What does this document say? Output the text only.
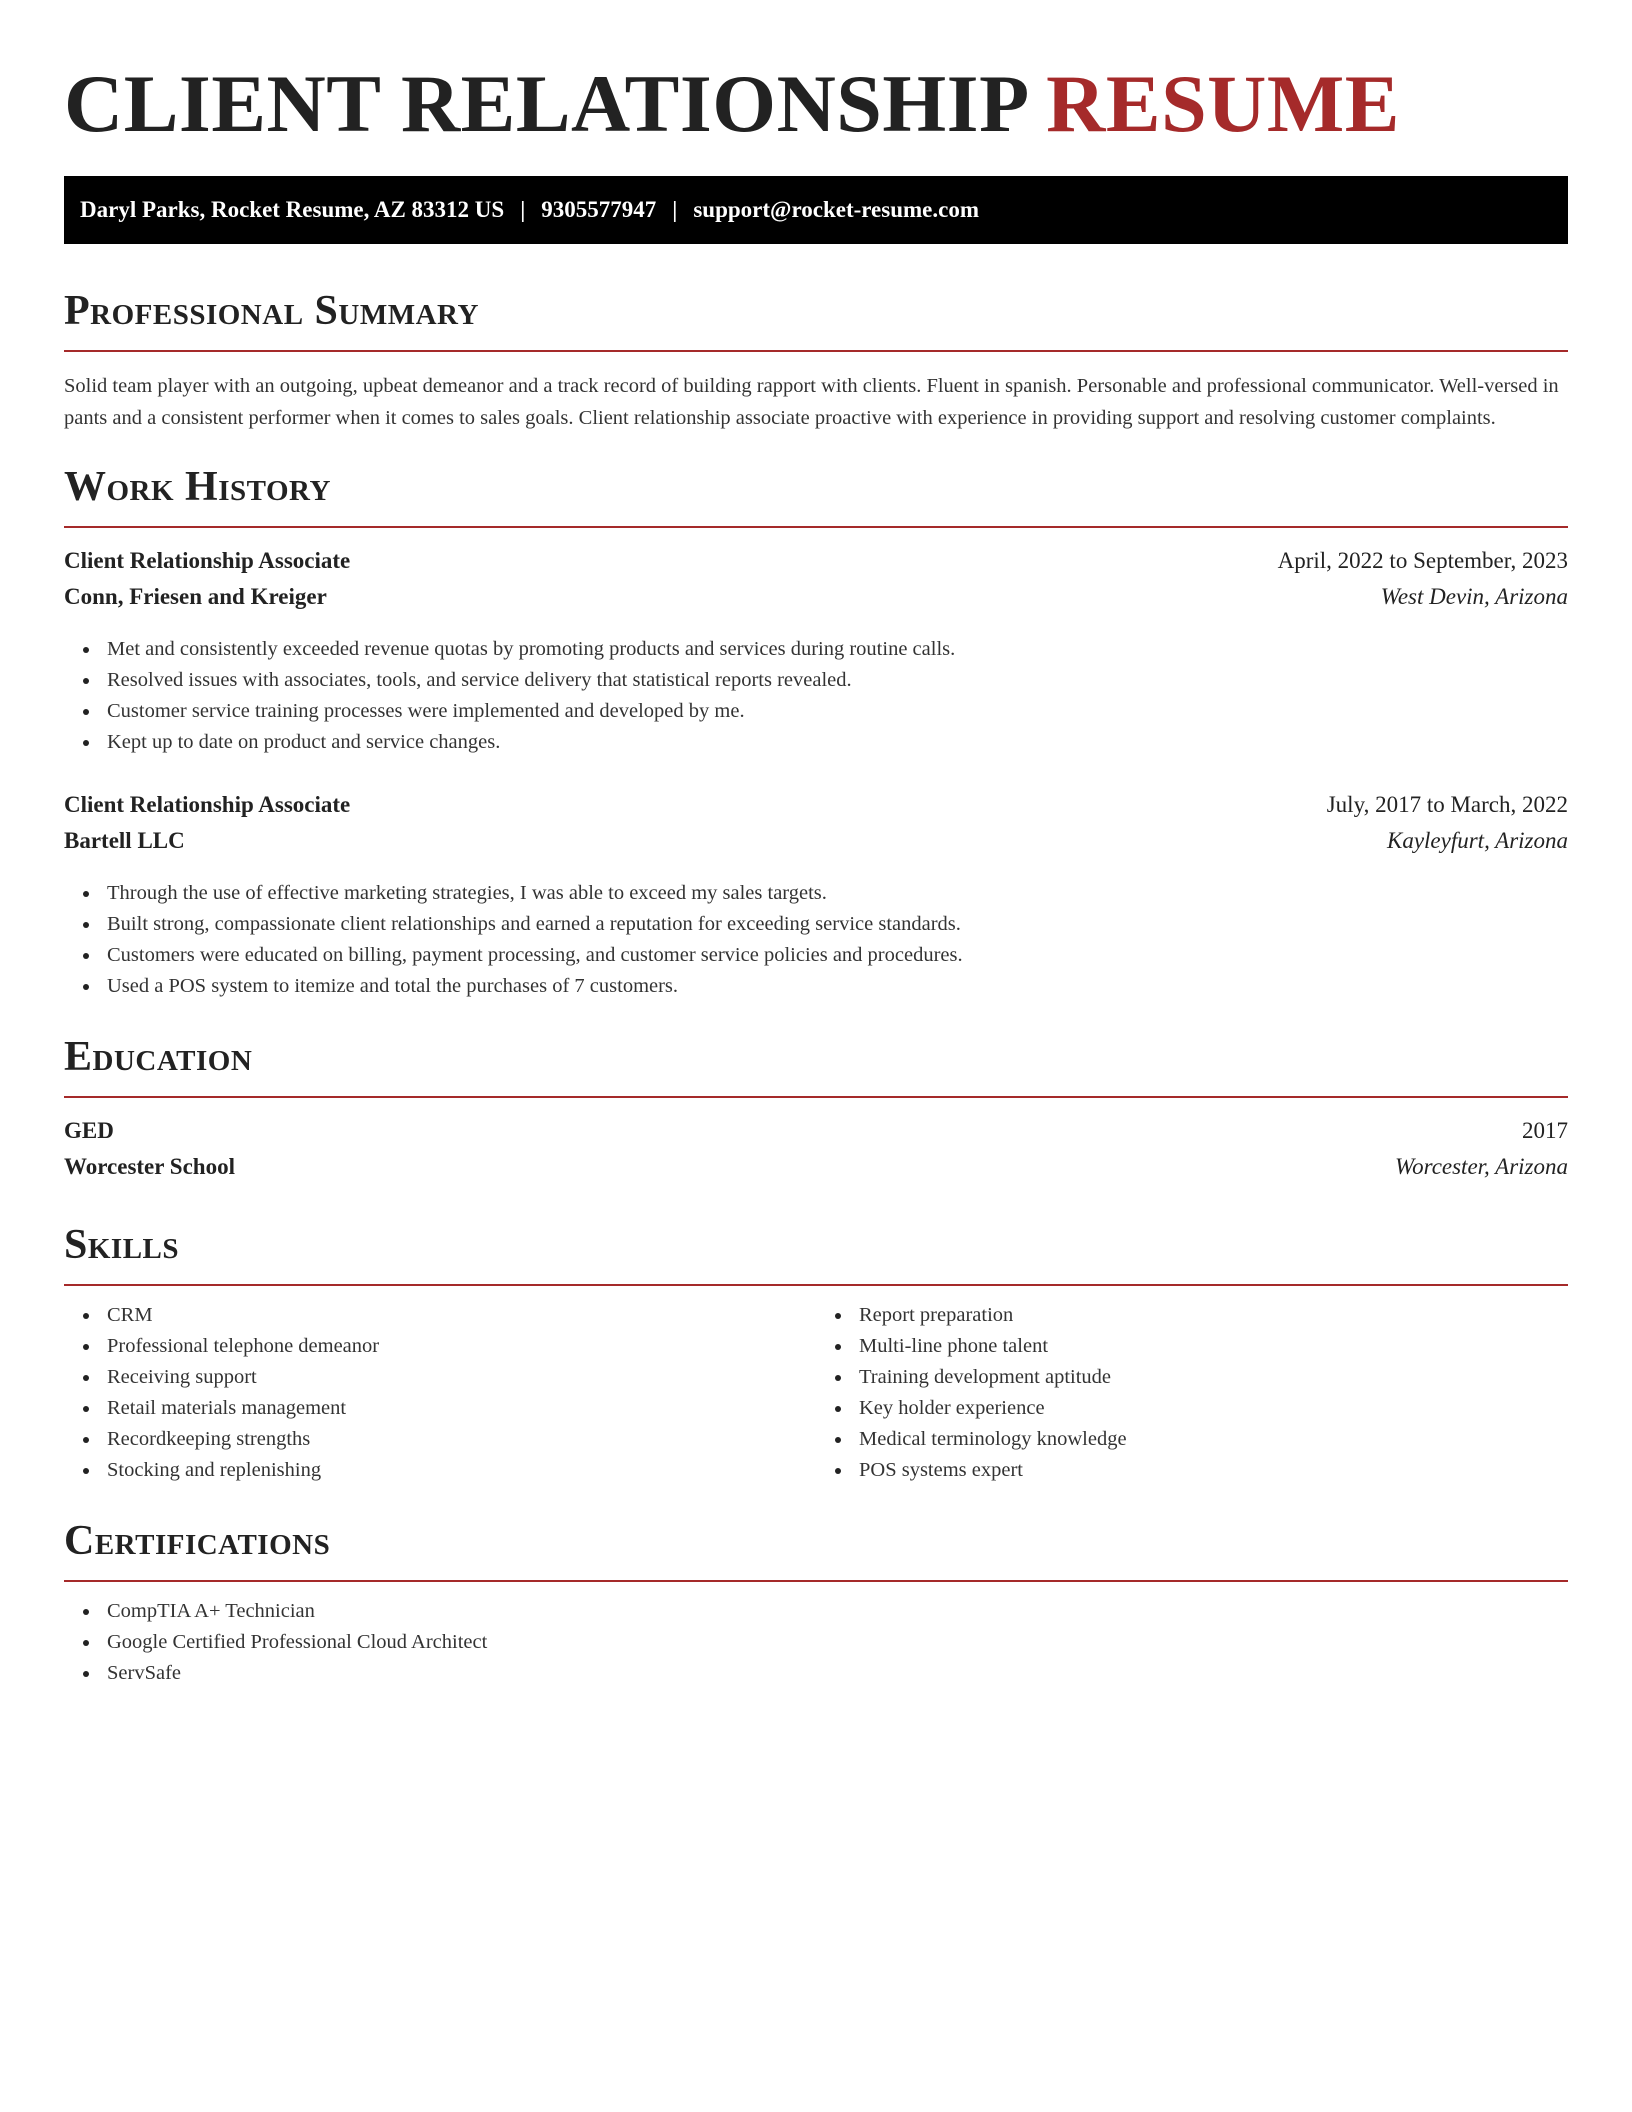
CLIENT RELATIONSHIP RESUME
Daryl Parks, Rocket Resume, AZ 83312 US | 9305577947 | support@rocket-resume.com
Professional Summary

Solid team player with an outgoing, upbeat demeanor and a track record of building rapport with clients. Fluent in spanish. Personable and professional communicator. Well-versed in pants and a consistent performer when it comes to sales goals. Client relationship associate proactive with experience in providing support and resolving customer complaints.

Work History
Client Relationship Associate	April, 2022 to September, 2023
Conn, Friesen and Kreiger	West Devin, Arizona
Met and consistently exceeded revenue quotas by promoting products and services during routine calls.
Resolved issues with associates, tools, and service delivery that statistical reports revealed.
Customer service training processes were implemented and developed by me.
Kept up to date on product and service changes.
Client Relationship Associate	July, 2017 to March, 2022
Bartell LLC	Kayleyfurt, Arizona
Through the use of effective marketing strategies, I was able to exceed my sales targets.
Built strong, compassionate client relationships and earned a reputation for exceeding service standards.
Customers were educated on billing, payment processing, and customer service policies and procedures.
Used a POS system to itemize and total the purchases of 7 customers.
Education
GED	2017
Worcester School	Worcester, Arizona
Skills
CRM
Professional telephone demeanor
Receiving support
Retail materials management
Recordkeeping strengths
Stocking and replenishing
Report preparation
Multi-line phone talent
Training development aptitude
Key holder experience
Medical terminology knowledge
POS systems expert
Certifications
CompTIA A+ Technician
Google Certified Professional Cloud Architect
ServSafe
